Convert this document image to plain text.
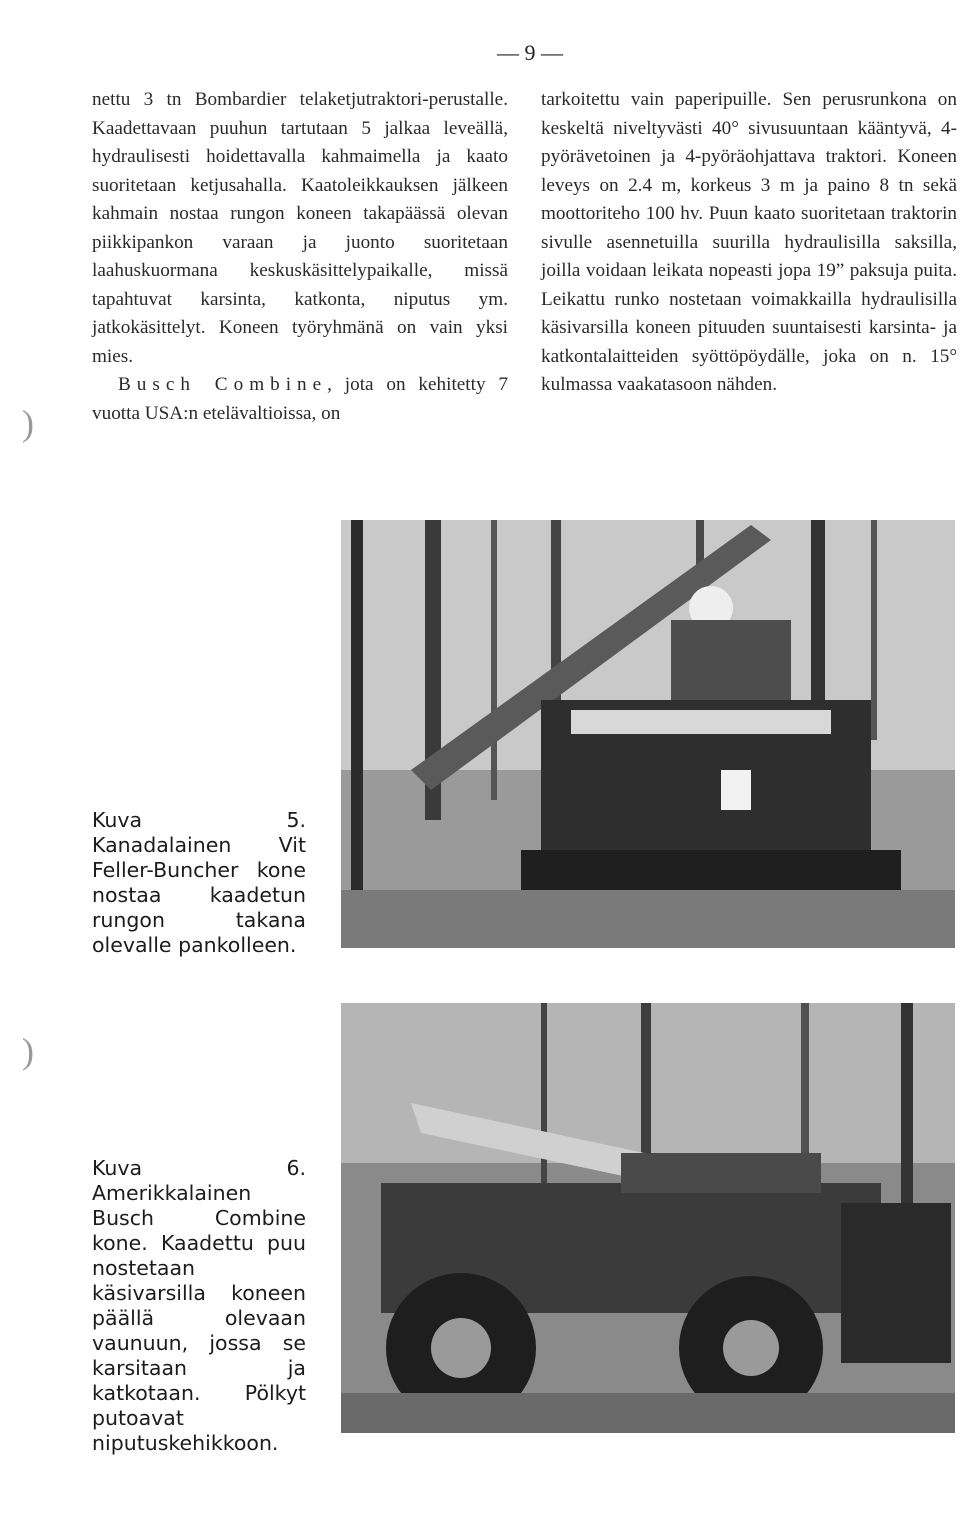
— 9 —

nettu 3 tn Bombardier telaketjutraktori-perustalle. Kaadettavaan puuhun tartutaan 5 jalkaa leveällä, hydraulisesti hoidettavalla kahmaimella ja kaato suoritetaan ketjusahalla. Kaatoleikkauksen jälkeen kahmain nostaa rungon koneen takapäässä olevan piikkipankon varaan ja juonto suoritetaan laahuskuormana keskuskäsittelypaikalle, missä tapahtuvat karsinta, katkonta, niputus ym. jatkokäsittelyt. Koneen työryhmänä on vain yksi mies.

Busch Combine, jota on kehitetty 7 vuotta USA:n etelävaltioissa, on

tarkoitettu vain paperipuille. Sen perusrunkona on keskeltä niveltyvästi 40° sivusuuntaan kääntyvä, 4-pyörävetoinen ja 4-pyöräohjattava traktori. Koneen leveys on 2.4 m, korkeus 3 m ja paino 8 tn sekä moottoriteho 100 hv. Puun kaato suoritetaan traktorin sivulle asennetuilla suurilla hydraulisilla saksilla, joilla voidaan leikata nopeasti jopa 19” paksuja puita. Leikattu runko nostetaan voimakkailla hydraulisilla käsivarsilla koneen pituuden suuntaisesti karsinta- ja katkontalaitteiden syöttöpöydälle, joka on n. 15° kulmassa vaakatasoon nähden.

Kuva 5. Kanadalainen Vit Feller-Buncher kone nostaa kaadetun rungon takana olevalle pankolleen.
Kuva 6. Amerikkalainen Busch Combine kone. Kaadettu puu nostetaan käsivarsilla koneen päällä olevaan vaunuun, jossa se karsitaan ja katkotaan. Pölkyt putoavat niputuskehikkoon.
)
)
